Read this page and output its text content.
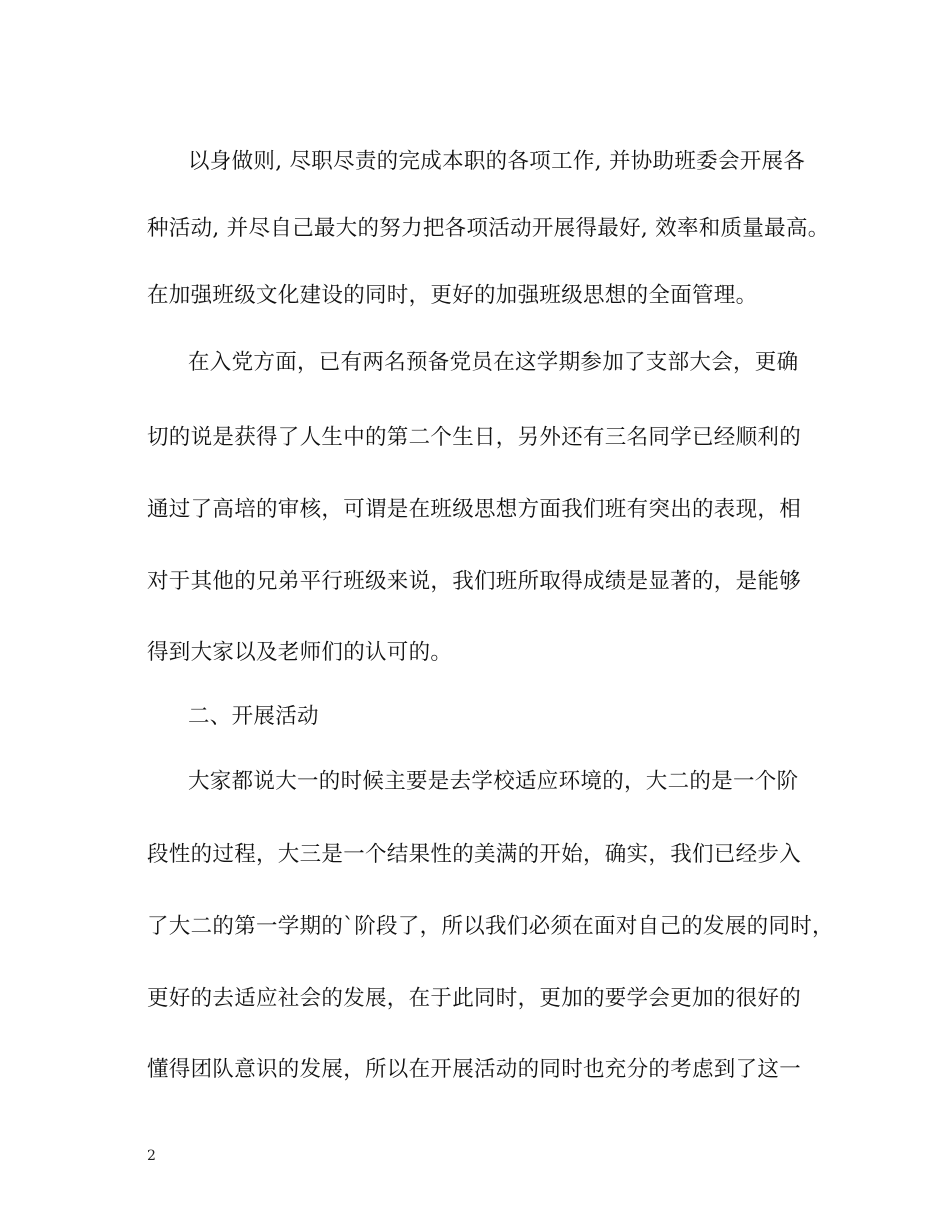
以身做则, 尽职尽责的完成本职的各项工作, 并协助班委会开展各
种活动, 并尽自己最大的努力把各项活动开展得最好, 效率和质量最高。
在加强班级文化建设的同时，更好的加强班级思想的全面管理。
在入党方面，已有两名预备党员在这学期参加了支部大会，更确
切的说是获得了人生中的第二个生日，另外还有三名同学已经顺利的
通过了高培的审核，可谓是在班级思想方面我们班有突出的表现，相
对于其他的兄弟平行班级来说，我们班所取得成绩是显著的，是能够
得到大家以及老师们的认可的。
二、开展活动
大家都说大一的时候主要是去学校适应环境的，大二的是一个阶
段性的过程，大三是一个结果性的美满的开始，确实，我们已经步入
了大二的第一学期的`阶段了，所以我们必须在面对自己的发展的同时，
更好的去适应社会的发展，在于此同时，更加的要学会更加的很好的
懂得团队意识的发展，所以在开展活动的同时也充分的考虑到了这一
2
